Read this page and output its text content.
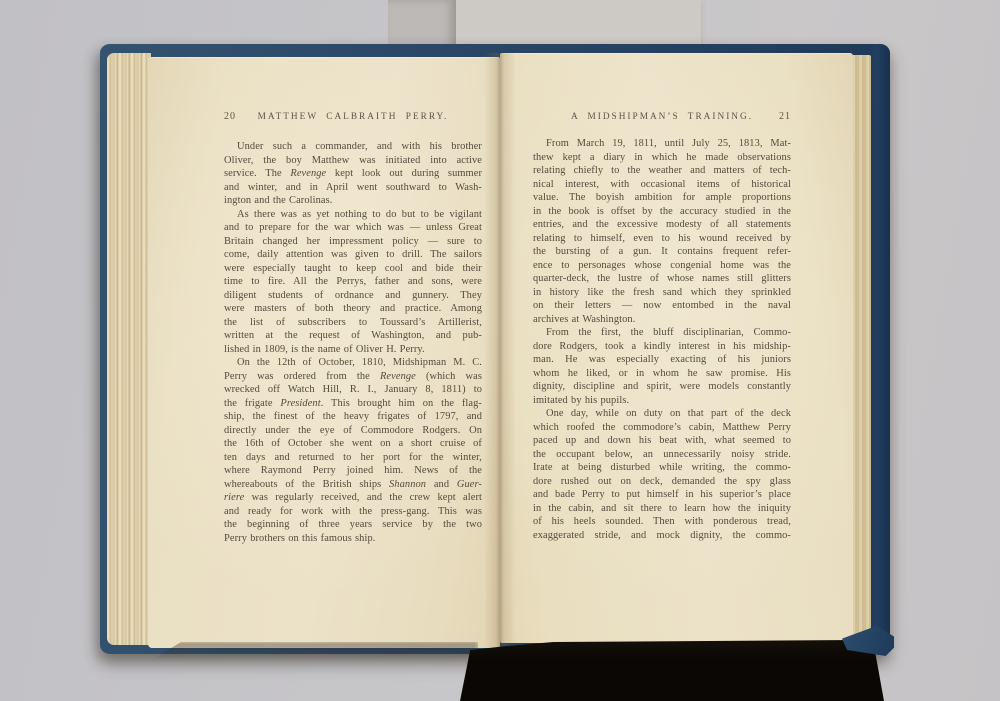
20	MATTHEW CALBRAITH PERRY.
Under such a commander, and with his brother
Oliver, the boy Matthew was initiated into active
service. The Revenge kept look out during summer
and winter, and in April went southward to Wash-
ington and the Carolinas.
As there was as yet nothing to do but to be vigilant
and to prepare for the war which was — unless Great
Britain changed her impressment policy — sure to
come, daily attention was given to drill. The sailors
were especially taught to keep cool and bide their
time to fire. All the Perrys, father and sons, were
diligent students of ordnance and gunnery. They
were masters of both theory and practice. Among
the list of subscribers to Toussard’s Artillerist,
written at the request of Washington, and pub-
lished in 1809, is the name of Oliver H. Perry.
On the 12th of October, 1810, Midshipman M. C.
Perry was ordered from the Revenge (which was
wrecked off Watch Hill, R. I., January 8, 1811) to
the frigate President. This brought him on the flag-
ship, the finest of the heavy frigates of 1797, and
directly under the eye of Commodore Rodgers. On
the 16th of October she went on a short cruise of
ten days and returned to her port for the winter,
where Raymond Perry joined him. News of the
whereabouts of the British ships Shannon and Guer-
riere was regularly received, and the crew kept alert
and ready for work with the press-gang. This was
the beginning of three years service by the two
Perry brothers on this famous ship.
A MIDSHIPMAN’S TRAINING.	21
From March 19, 1811, until July 25, 1813, Mat-
thew kept a diary in which he made observations
relating chiefly to the weather and matters of tech-
nical interest, with occasional items of historical
value. The boyish ambition for ample proportions
in the book is offset by the accuracy studied in the
entries, and the excessive modesty of all statements
relating to himself, even to his wound received by
the bursting of a gun. It contains frequent refer-
ence to personages whose congenial home was the
quarter-deck, the lustre of whose names still glitters
in history like the fresh sand which they sprinkled
on their letters — now entombed in the naval
archives at Washington.
From the first, the bluff disciplinarian, Commo-
dore Rodgers, took a kindly interest in his midship-
man. He was especially exacting of his juniors
whom he liked, or in whom he saw promise. His
dignity, discipline and spirit, were models constantly
imitated by his pupils.
One day, while on duty on that part of the deck
which roofed the commodore’s cabin, Matthew Perry
paced up and down his beat with, what seemed to
the occupant below, an unnecessarily noisy stride.
Irate at being disturbed while writing, the commo-
dore rushed out on deck, demanded the spy glass
and bade Perry to put himself in his superior’s place
in the cabin, and sit there to learn how the iniquity
of his heels sounded. Then with ponderous tread,
exaggerated stride, and mock dignity, the commo-
